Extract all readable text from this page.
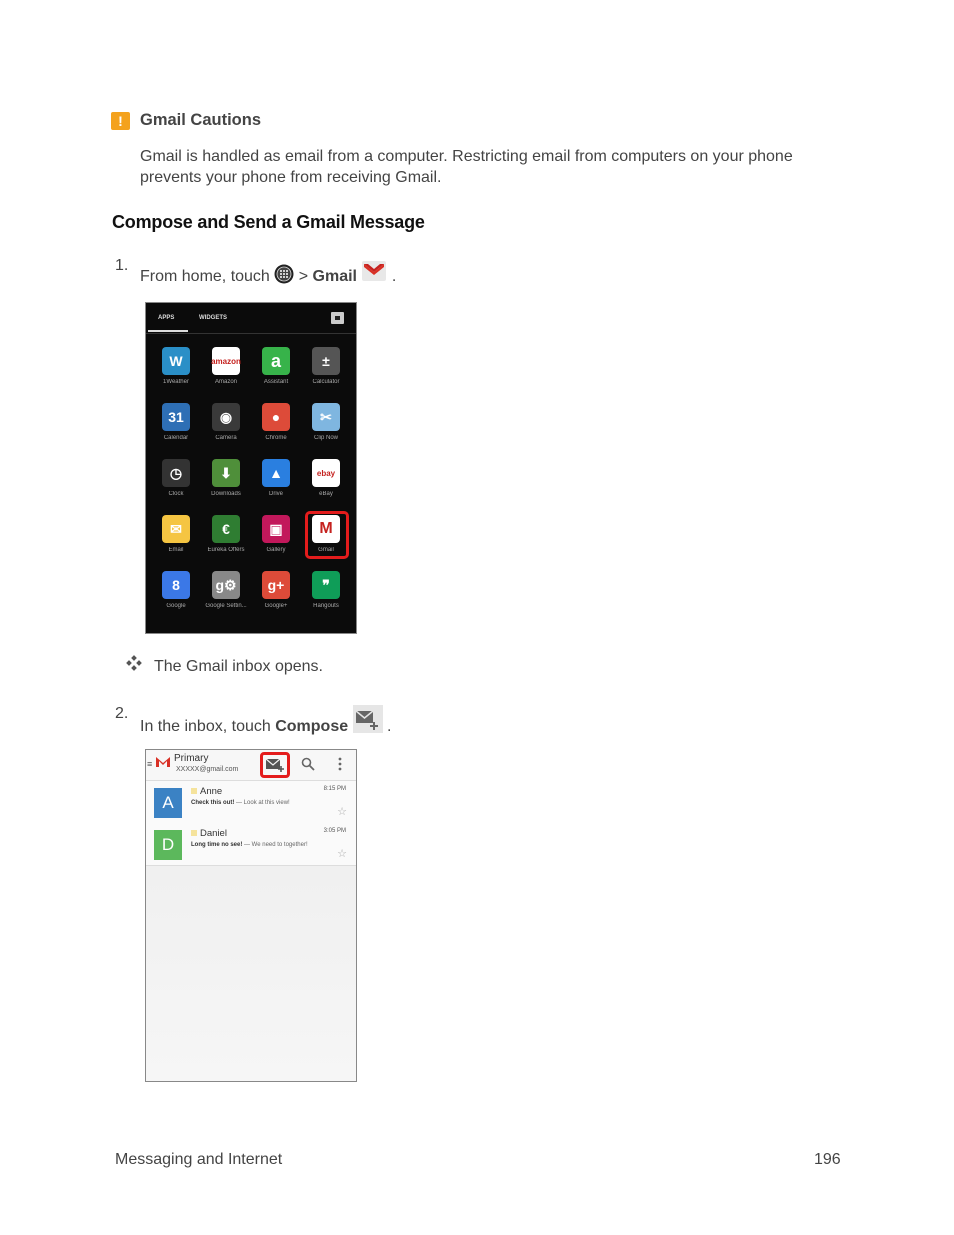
!	Gmail Cautions
Gmail is handled as email from a computer. Restricting email from computers on your phone prevents your phone from receiving Gmail.
Compose and Send a Gmail Message
1.
From home, touch > Gmail .
APPS	WIDGETS
W
1Weather
amazon
Amazon
a
Assistant
±
Calculator
31
Calendar
◉
Camera
●
Chrome
✂
Clip Now
◷
Clock
⬇
Downloads
▲
Drive
ebay
eBay
✉
Email
€
Eureka Offers
▣
Gallery
M
Gmail
8
Google
g⚙
Google Settin...
g+
Google+
❞
Hangouts
The Gmail inbox opens.
2.
In the inbox, touch Compose .
≡ Primary
XXXXX@gmail.com
A
Anne	8:15 PM
Check this out! — Look at this view!
☆
D
Daniel	3:05 PM
Long time no see! — We need to together!
☆
Messaging and Internet	196
